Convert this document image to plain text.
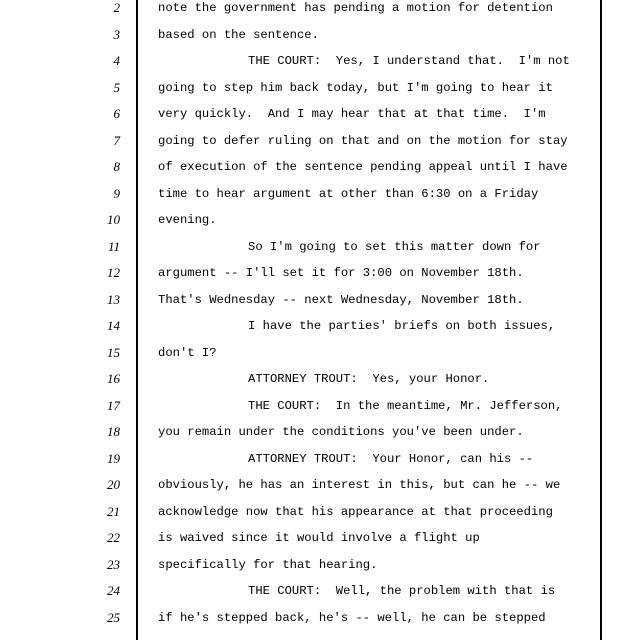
2	note the government has pending a motion for detention
3	based on the sentence.
4	THE COURT:  Yes, I understand that.  I'm not
5	going to step him back today, but I'm going to hear it
6	very quickly.  And I may hear that at that time.  I'm
7	going to defer ruling on that and on the motion for stay
8	of execution of the sentence pending appeal until I have
9	time to hear argument at other than 6:30 on a Friday
10	evening.
11	So I'm going to set this matter down for
12	argument -- I'll set it for 3:00 on November 18th.
13	That's Wednesday -- next Wednesday, November 18th.
14	I have the parties' briefs on both issues,
15	don't I?
16	ATTORNEY TROUT:  Yes, your Honor.
17	THE COURT:  In the meantime, Mr. Jefferson,
18	you remain under the conditions you've been under.
19	ATTORNEY TROUT:  Your Honor, can his --
20	obviously, he has an interest in this, but can he -- we
21	acknowledge now that his appearance at that proceeding
22	is waived since it would involve a flight up
23	specifically for that hearing.
24	THE COURT:  Well, the problem with that is
25	if he's stepped back, he's -- well, he can be stepped
